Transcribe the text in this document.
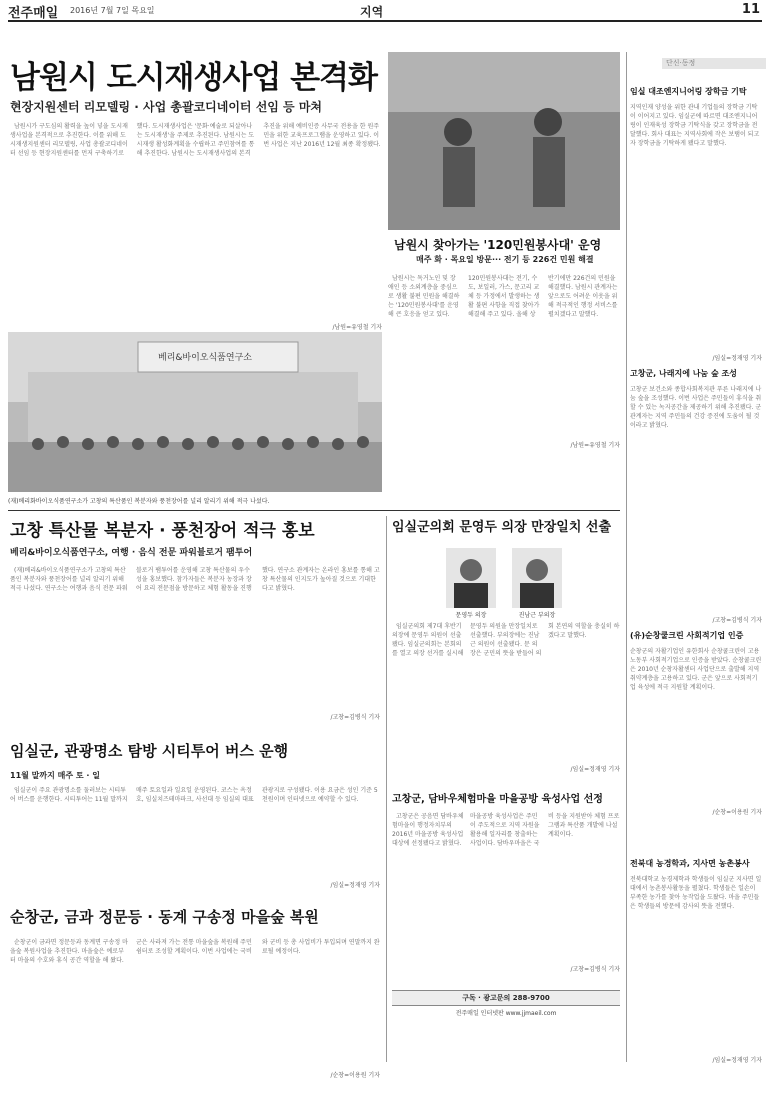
전주매일 2016년 7월 7일 목요일	지역	11
남원시 도시재생사업 본격화
현장지원센터 리모델링 · 사업 총괄코디네이터 선임 등 마쳐

남원시가 구도심의 활력을 높이 넣을 도시재생사업을 본격적으로 추진한다. 이를 위해 도시재생지원센터 리모델링, 사업 총괄코디네이터 선임 등 현장지원센터를 먼저 구축하기로 했다. 도시재생사업은 '문화·예술로 되살아나는 도시재생'을 주제로 추진된다. 남원시는 도시재생 활성화계획을 수립하고 주민참여를 통해 추진한다. 남원시는 도시재생사업의 본격 추진을 위해 예비인증 사무국 전용을 한 원주민을 위한 교육프로그램을 운영하고 있다. 이번 사업은 지난 2016년 12월 최종 확정됐다.

/남원=유영철 기자
베리&바이오식품연구소
(재)베리화바이오식품연구소가 고창의 특산품인 복분자와 풍천장어를 널리 알리기 위해 적극 나섰다.
남원시 찾아가는 '120민원봉사대' 운영
매주 화 · 목요일 방문··· 전기 등 226건 민원 해결

남원시는 독거노인 및 장애인 등 소외계층을 중심으로 생활 불편 민원을 해결하는 '120민원봉사대'를 운영해 큰 호응을 얻고 있다. 120민원봉사대는 전기, 수도, 보일러, 가스, 문고리 교체 등 가정에서 발생하는 생활 불편 사항을 직접 찾아가 해결해 주고 있다. 올해 상반기에만 226건의 민원을 해결했다. 남원시 관계자는 앞으로도 어려운 이웃을 위해 적극적인 행정 서비스를 펼치겠다고 말했다.

/남원=유영철 기자
단신·동정
임실 대조엔지니어링 장학금 기탁
지역인재 양성을 위한 관내 기업들의 장학금 기탁이 이어지고 있다. 임실군에 따르면 대조엔지니어링이 인재육성 장학금 기탁식을 갖고 장학금을 전달했다. 회사 대표는 지역사회에 작은 보탬이 되고자 장학금을 기탁하게 됐다고 말했다.
/임실=정재영 기자
고창군, 나래지에 나눔 숲 조성
고창군 보건소와 종합사회복지관 푸른 나래지에 나눔 숲을 조성했다. 이번 사업은 주민들이 휴식을 취할 수 있는 녹지공간을 제공하기 위해 추진됐다. 군 관계자는 지역 주민들의 건강 증진에 도움이 될 것이라고 밝혔다.
/고창=김병식 기자
(유)순창쿨크린 사회적기업 인증
순창군의 자활기업인 유한회사 순창쿨크린이 고용노동부 사회적기업으로 인증을 받았다. 순창쿨크린은 2010년 순창자활센터 사업단으로 출발해 지역 취약계층을 고용하고 있다. 군은 앞으로 사회적기업 육성에 적극 지원할 계획이다.
/순창=이용원 기자
전북대 농경학과, 지사면 농촌봉사
전북대학교 농경제학과 학생들이 임실군 지사면 일대에서 농촌봉사활동을 펼쳤다. 학생들은 일손이 부족한 농가를 찾아 농작업을 도왔다. 마을 주민들은 학생들의 방문에 감사의 뜻을 전했다.
/임실=정재영 기자
고창 특산물 복분자 · 풍천장어 적극 홍보
베리&바이오식품연구소, 여행 · 음식 전문 파워블로거 팸투어

(재)베리&바이오식품연구소가 고창의 특산품인 복분자와 풍천장어를 널리 알리기 위해 적극 나섰다. 연구소는 여행과 음식 전문 파워블로거 팸투어를 운영해 고창 특산물의 우수성을 홍보했다. 참가자들은 복분자 농장과 장어 요리 전문점을 방문하고 체험 활동을 진행했다. 연구소 관계자는 온라인 홍보를 통해 고창 특산물의 인지도가 높아질 것으로 기대한다고 밝혔다.

/고창=김병식 기자
임실군, 관광명소 탐방 시티투어 버스 운행
11월 말까지 매주 토 · 일

임실군이 주요 관광명소를 둘러보는 시티투어 버스를 운행한다. 시티투어는 11월 말까지 매주 토요일과 일요일 운영된다. 코스는 옥정호, 임실치즈테마파크, 사선대 등 임실의 대표 관광지로 구성됐다. 이용 요금은 성인 기준 5천원이며 인터넷으로 예약할 수 있다.

/임실=정재영 기자
순창군, 금과 정문등 · 동계 구송정 마을숲 복원

순창군이 금과면 정문등과 동계면 구송정 마을숲 복원사업을 추진한다. 마을숲은 예로부터 마을의 수호와 휴식 공간 역할을 해 왔다. 군은 사라져 가는 전통 마을숲을 복원해 주민 쉼터로 조성할 계획이다. 이번 사업에는 국비와 군비 등 총 사업비가 투입되며 연말까지 완료될 예정이다.

/순창=이용원 기자
임실군의회 문영두 의장 만장일치 선출
문영두 의장	진남근 부의장

임실군의회 제7대 후반기 의장에 문영두 의원이 선출됐다. 임실군의회는 본회의를 열고 의장 선거를 실시해 문영두 의원을 만장일치로 선출했다. 부의장에는 진남근 의원이 선출됐다. 문 의장은 군민의 뜻을 받들어 의회 본연의 역할을 충실히 하겠다고 말했다.

/임실=정재영 기자
고창군, 담바우체험마을 마을공방 육성사업 선정

고창군은 공음면 담바우체험마을이 행정자치부의 2016년 마을공방 육성사업 대상에 선정됐다고 밝혔다. 마을공방 육성사업은 주민이 주도적으로 지역 자원을 활용해 일자리를 창출하는 사업이다. 담바우마을은 국비 등을 지원받아 체험 프로그램과 특산품 개발에 나설 계획이다.

/고창=김병식 기자
구독 · 광고문의 288-9700
전주매일 인터넷판 www.jjmaeil.com
